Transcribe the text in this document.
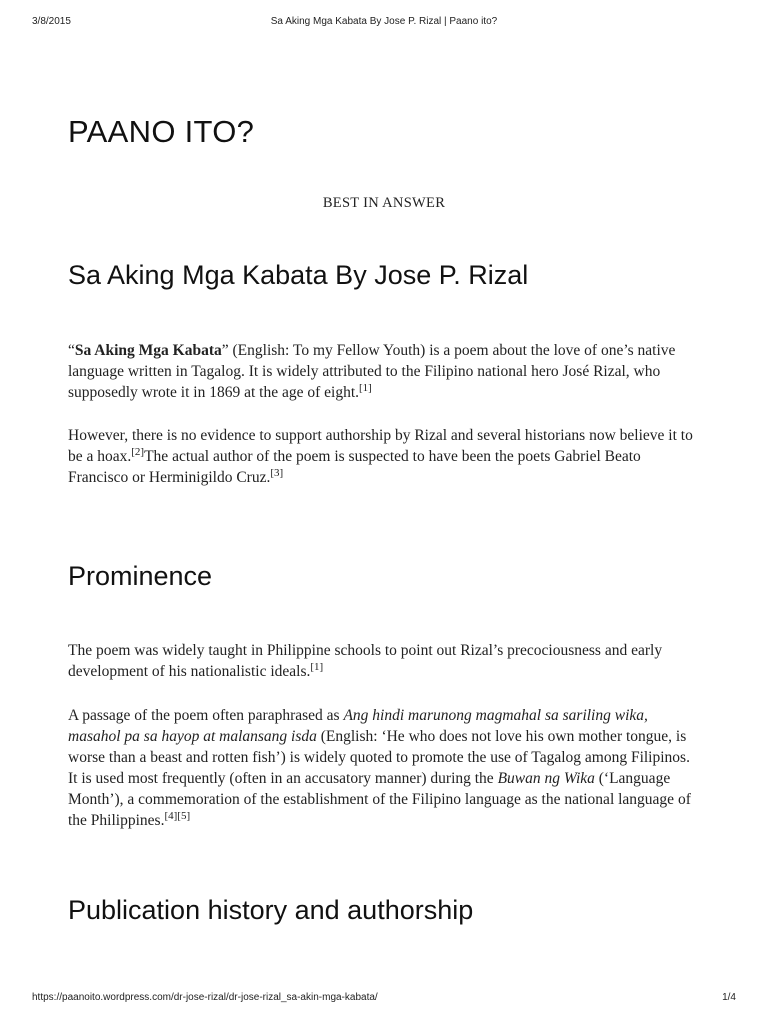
3/8/2015	Sa Aking Mga Kabata By Jose P. Rizal | Paano ito?
PAANO ITO?
BEST IN ANSWER
Sa Aking Mga Kabata By Jose P. Rizal

“Sa Aking Mga Kabata” (English: To my Fellow Youth) is a poem about the love of one’s native language written in Tagalog. It is widely attributed to the Filipino national hero José Rizal, who supposedly wrote it in 1869 at the age of eight.[1]

However, there is no evidence to support authorship by Rizal and several historians now believe it to be a hoax.[2]The actual author of the poem is suspected to have been the poets Gabriel Beato Francisco or Herminigildo Cruz.[3]

Prominence

The poem was widely taught in Philippine schools to point out Rizal’s precociousness and early development of his nationalistic ideals.[1]

A passage of the poem often paraphrased as Ang hindi marunong magmahal sa sariling wika, masahol pa sa hayop at malansang isda (English: ‘He who does not love his own mother tongue, is worse than a beast and rotten fish’) is widely quoted to promote the use of Tagalog among Filipinos. It is used most frequently (often in an accusatory manner) during the Buwan ng Wika (‘Language Month’), a commemoration of the establishment of the Filipino language as the national language of the Philippines.[4][5]

Publication history and authorship
https://paanoito.wordpress.com/dr-jose-rizal/dr-jose-rizal_sa-akin-mga-kabata/	1/4
